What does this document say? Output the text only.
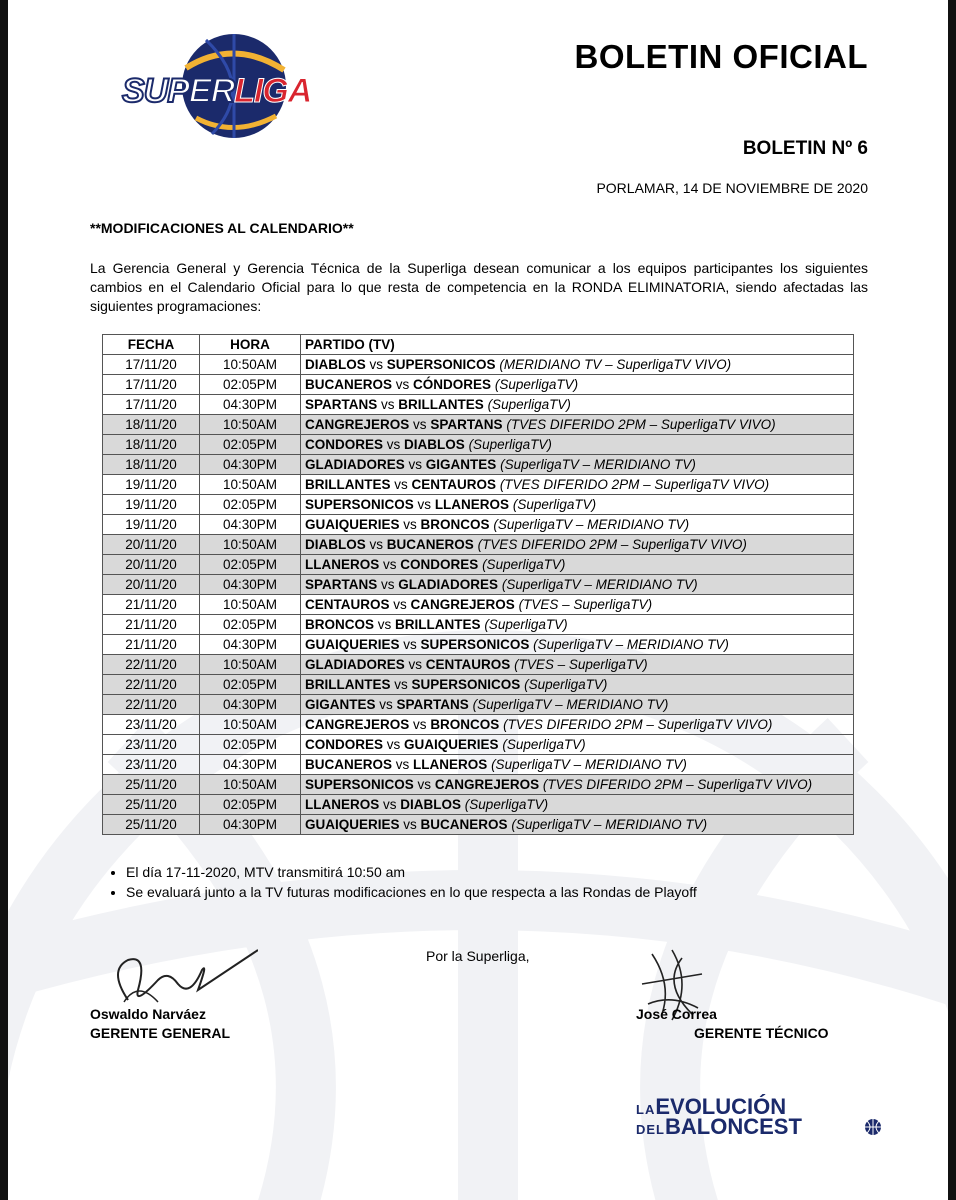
SUPERLIGA
BOLETIN OFICIAL
BOLETIN Nº 6
PORLAMAR, 14 DE NOVIEMBRE DE 2020
**MODIFICACIONES AL CALENDARIO**
La Gerencia General y Gerencia Técnica de la Superliga desean comunicar a los equipos participantes los siguientes cambios en el Calendario Oficial para lo que resta de competencia en la RONDA ELIMINATORIA, siendo afectadas las siguientes programaciones:
FECHA	HORA	PARTIDO (TV)
17/11/20	10:50AM	DIABLOS vs SUPERSONICOS (MERIDIANO TV – SuperligaTV VIVO)
17/11/20	02:05PM	BUCANEROS vs CÓNDORES (SuperligaTV)
17/11/20	04:30PM	SPARTANS vs BRILLANTES (SuperligaTV)
18/11/20	10:50AM	CANGREJEROS vs SPARTANS (TVES DIFERIDO 2PM – SuperligaTV VIVO)
18/11/20	02:05PM	CONDORES vs DIABLOS (SuperligaTV)
18/11/20	04:30PM	GLADIADORES vs GIGANTES (SuperligaTV – MERIDIANO TV)
19/11/20	10:50AM	BRILLANTES vs CENTAUROS (TVES DIFERIDO 2PM – SuperligaTV VIVO)
19/11/20	02:05PM	SUPERSONICOS vs LLANEROS (SuperligaTV)
19/11/20	04:30PM	GUAIQUERIES vs BRONCOS (SuperligaTV – MERIDIANO TV)
20/11/20	10:50AM	DIABLOS vs BUCANEROS (TVES DIFERIDO 2PM – SuperligaTV VIVO)
20/11/20	02:05PM	LLANEROS vs CONDORES (SuperligaTV)
20/11/20	04:30PM	SPARTANS vs GLADIADORES (SuperligaTV – MERIDIANO TV)
21/11/20	10:50AM	CENTAUROS vs CANGREJEROS (TVES – SuperligaTV)
21/11/20	02:05PM	BRONCOS vs BRILLANTES (SuperligaTV)
21/11/20	04:30PM	GUAIQUERIES vs SUPERSONICOS (SuperligaTV – MERIDIANO TV)
22/11/20	10:50AM	GLADIADORES vs CENTAUROS (TVES – SuperligaTV)
22/11/20	02:05PM	BRILLANTES vs SUPERSONICOS (SuperligaTV)
22/11/20	04:30PM	GIGANTES vs SPARTANS (SuperligaTV – MERIDIANO TV)
23/11/20	10:50AM	CANGREJEROS vs BRONCOS (TVES DIFERIDO 2PM – SuperligaTV VIVO)
23/11/20	02:05PM	CONDORES vs GUAIQUERIES (SuperligaTV)
23/11/20	04:30PM	BUCANEROS vs LLANEROS (SuperligaTV – MERIDIANO TV)
25/11/20	10:50AM	SUPERSONICOS vs CANGREJEROS (TVES DIFERIDO 2PM – SuperligaTV VIVO)
25/11/20	02:05PM	LLANEROS vs DIABLOS (SuperligaTV)
25/11/20	04:30PM	GUAIQUERIES vs BUCANEROS (SuperligaTV – MERIDIANO TV)
• El día 17-11-2020, MTV transmitirá 10:50 am
• Se evaluará junto a la TV futuras modificaciones en lo que respecta a las Rondas de Playoff
Por la Superliga,
Oswaldo Narváez
GERENTE GENERAL
José Correa
GERENTE TÉCNICO
LAEVOLUCIÓN
DELBALONCEST
